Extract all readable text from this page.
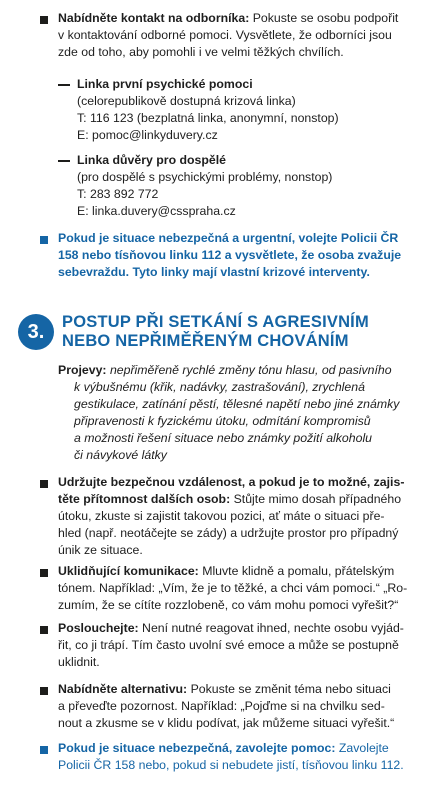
Nabídněte kontakt na odborníka: Pokuste se osobu podpořit
v kontaktování odborné pomoci. Vysvětlete, že odborníci jsou
zde od toho, aby pomohli i ve velmi těžkých chvílích.
Linka první psychické pomoci
(celorepublikově dostupná krizová linka)
T: 116 123 (bezplatná linka, anonymní, nonstop)
E: pomoc@linkyduvery.cz
Linka důvěry pro dospělé
(pro dospělé s psychickými problémy, nonstop)
T: 283 892 772
E: linka.duvery@csspraha.cz
Pokud je situace nebezpečná a urgentní, volejte Policii ČR
158 nebo tísňovou linku 112 a vysvětlete, že osoba zvažuje
sebevraždu. Tyto linky mají vlastní krizové interventy.
3.	POSTUP PŘI SETKÁNÍ S AGRESIVNÍM
NEBO NEPŘIMĚŘENÝM CHOVÁNÍM
Projevy: nepřiměřeně rychlé změny tónu hlasu, od pasivního
k výbušnému (křik, nadávky, zastrašování), zrychlená
gestikulace, zatínání pěstí, tělesné napětí nebo jiné známky
připravenosti k fyzickému útoku, odmítání kompromisů
a možnosti řešení situace nebo známky požití alkoholu
či návykové látky
Udržujte bezpečnou vzdálenost, a pokud je to možné, zajis-
těte přítomnost dalších osob: Stůjte mimo dosah případného
útoku, zkuste si zajistit takovou pozici, ať máte o situaci pře-
hled (např. neotáčejte se zády) a udržujte prostor pro případný
únik ze situace.
Uklidňující komunikace: Mluvte klidně a pomalu, přátelským
tónem. Například: „Vím, že je to těžké, a chci vám pomoci.“ „Ro-
zumím, že se cítíte rozzlobeně, co vám mohu pomoci vyřešit?“
Poslouchejte: Není nutné reagovat ihned, nechte osobu vyjád-
řit, co ji trápí. Tím často uvolní své emoce a může se postupně
uklidnit.
Nabídněte alternativu: Pokuste se změnit téma nebo situaci
a převeďte pozornost. Například: „Pojďme si na chvilku sed-
nout a zkusme se v klidu podívat, jak můžeme situaci vyřešit.“
Pokud je situace nebezpečná, zavolejte pomoc: Zavolejte
Policii ČR 158 nebo, pokud si nebudete jistí, tísňovou linku 112.
